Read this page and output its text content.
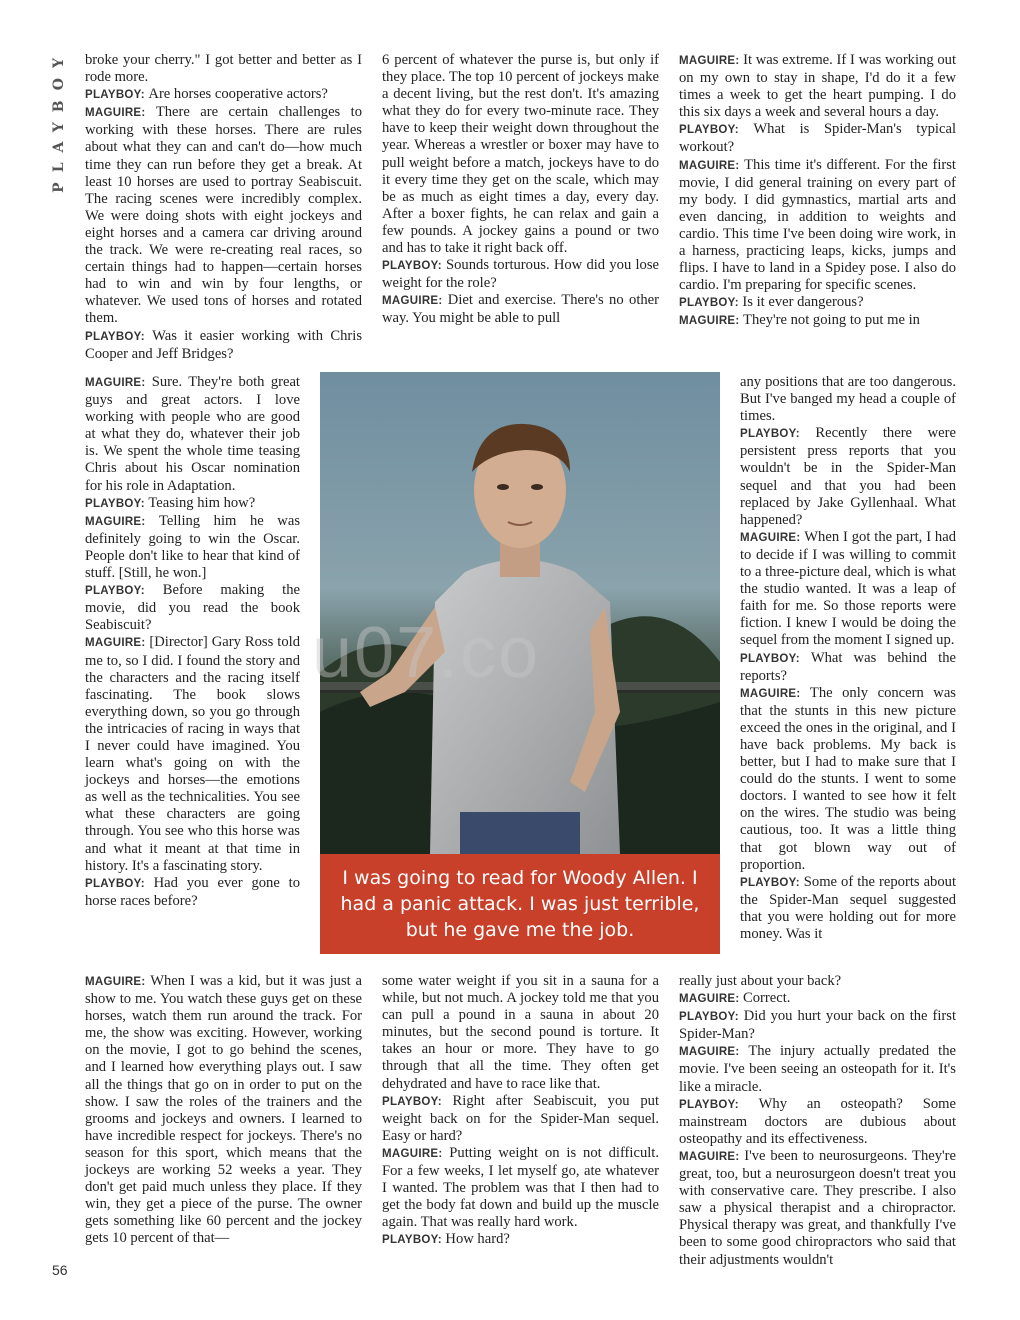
PLAYBOY	broke your cherry." I got better and better as I rode more.

PLAYBOY: Are horses cooperative actors?

MAGUIRE: There are certain challenges to working with these horses. There are rules about what they can and can't do—how much time they can run before they get a break. At least 10 horses are used to portray Seabiscuit. The racing scenes were incredibly complex. We were doing shots with eight jockeys and eight horses and a camera car driving around the track. We were re-creating real races, so certain things had to happen—certain horses had to win and win by four lengths, or whatever. We used tons of horses and rotated them.

PLAYBOY: Was it easier working with Chris Cooper and Jeff Bridges?

MAGUIRE: Sure. They're both great guys and great actors. I love working with people who are good at what they do, whatever their job is. We spent the whole time teasing Chris about his Oscar nomination for his role in Adaptation.

PLAYBOY: Teasing him how?

MAGUIRE: Telling him he was definitely going to win the Oscar. People don't like to hear that kind of stuff. [Still, he won.]

PLAYBOY: Before making the movie, did you read the book Seabiscuit?

MAGUIRE: [Director] Gary Ross told me to, so I did. I found the story and the characters and the racing itself fascinating. The book slows everything down, so you go through the intricacies of racing in ways that I never could have imagined. You learn what's going on with the jockeys and horses—the emotions as well as the technicalities. You see what these characters are going through. You see who this horse was and what it meant at that time in history. It's a fascinating story.

PLAYBOY: Had you ever gone to horse races before?

MAGUIRE: When I was a kid, but it was just a show to me. You watch these guys get on these horses, watch them run around the track. For me, the show was exciting. However, working on the movie, I got to go behind the scenes, and I learned how everything plays out. I saw all the things that go on in order to put on the show. I saw the roles of the trainers and the grooms and jockeys and owners. I learned to have incredible respect for jockeys. There's no season for this sport, which means that the jockeys are working 52 weeks a year. They don't get paid much unless they place. If they win, they get a piece of the purse. The owner gets something like 60 percent and the jockey gets 10 percent of that—

6 percent of whatever the purse is, but only if they place. The top 10 percent of jockeys make a decent living, but the rest don't. It's amazing what they do for every two-minute race. They have to keep their weight down throughout the year. Whereas a wrestler or boxer may have to pull weight before a match, jockeys have to do it every time they get on the scale, which may be as much as eight times a day, every day. After a boxer fights, he can relax and gain a few pounds. A jockey gains a pound or two and has to take it right back off.

PLAYBOY: Sounds torturous. How did you lose weight for the role?

MAGUIRE: Diet and exercise. There's no other way. You might be able to pull

some water weight if you sit in a sauna for a while, but not much. A jockey told me that you can pull a pound in a sauna in about 20 minutes, but the second pound is torture. It takes an hour or more. They have to go through that all the time. They often get dehydrated and have to race like that.

PLAYBOY: Right after Seabiscuit, you put weight back on for the Spider-Man sequel. Easy or hard?

MAGUIRE: Putting weight on is not difficult. For a few weeks, I let myself go, ate whatever I wanted. The problem was that I then had to get the body fat down and build up the muscle again. That was really hard work.

PLAYBOY: How hard?

MAGUIRE: It was extreme. If I was working out on my own to stay in shape, I'd do it a few times a week to get the heart pumping. I do this six days a week and several hours a day.

PLAYBOY: What is Spider-Man's typical workout?

MAGUIRE: This time it's different. For the first movie, I did general training on every part of my body. I did gymnastics, martial arts and even dancing, in addition to weights and cardio. This time I've been doing wire work, in a harness, practicing leaps, kicks, jumps and flips. I have to land in a Spidey pose. I also do cardio. I'm preparing for specific scenes.

PLAYBOY: Is it ever dangerous?

MAGUIRE: They're not going to put me in

any positions that are too dangerous. But I've banged my head a couple of times.

PLAYBOY: Recently there were persistent press reports that you wouldn't be in the Spider-Man sequel and that you had been replaced by Jake Gyllenhaal. What happened?

MAGUIRE: When I got the part, I had to decide if I was willing to commit to a three-picture deal, which is what the studio wanted. It was a leap of faith for me. So those reports were fiction. I knew I would be doing the sequel from the moment I signed up.

PLAYBOY: What was behind the reports?

MAGUIRE: The only concern was that the stunts in this new picture exceed the ones in the original, and I have back problems. My back is better, but I had to make sure that I could do the stunts. I went to some doctors. I wanted to see how it felt on the wires. The studio was being cautious, too. It was a little thing that got blown way out of proportion.

PLAYBOY: Some of the reports about the Spider-Man sequel suggested that you were holding out for more money. Was it

really just about your back?

MAGUIRE: Correct.

PLAYBOY: Did you hurt your back on the first Spider-Man?

MAGUIRE: The injury actually predated the movie. I've been seeing an osteopath for it. It's like a miracle.

PLAYBOY: Why an osteopath? Some mainstream doctors are dubious about osteopathy and its effectiveness.

MAGUIRE: I've been to neurosurgeons. They're great, too, but a neurosurgeon doesn't treat you with conservative care. They prescribe. I also saw a physical therapist and a chiropractor. Physical therapy was great, and thankfully I've been to some good chiropractors who said that their adjustments wouldn't

I was going to read for Woody Allen. I had a panic attack. I was just terrible, but he gave me the job.
u07.co
56
